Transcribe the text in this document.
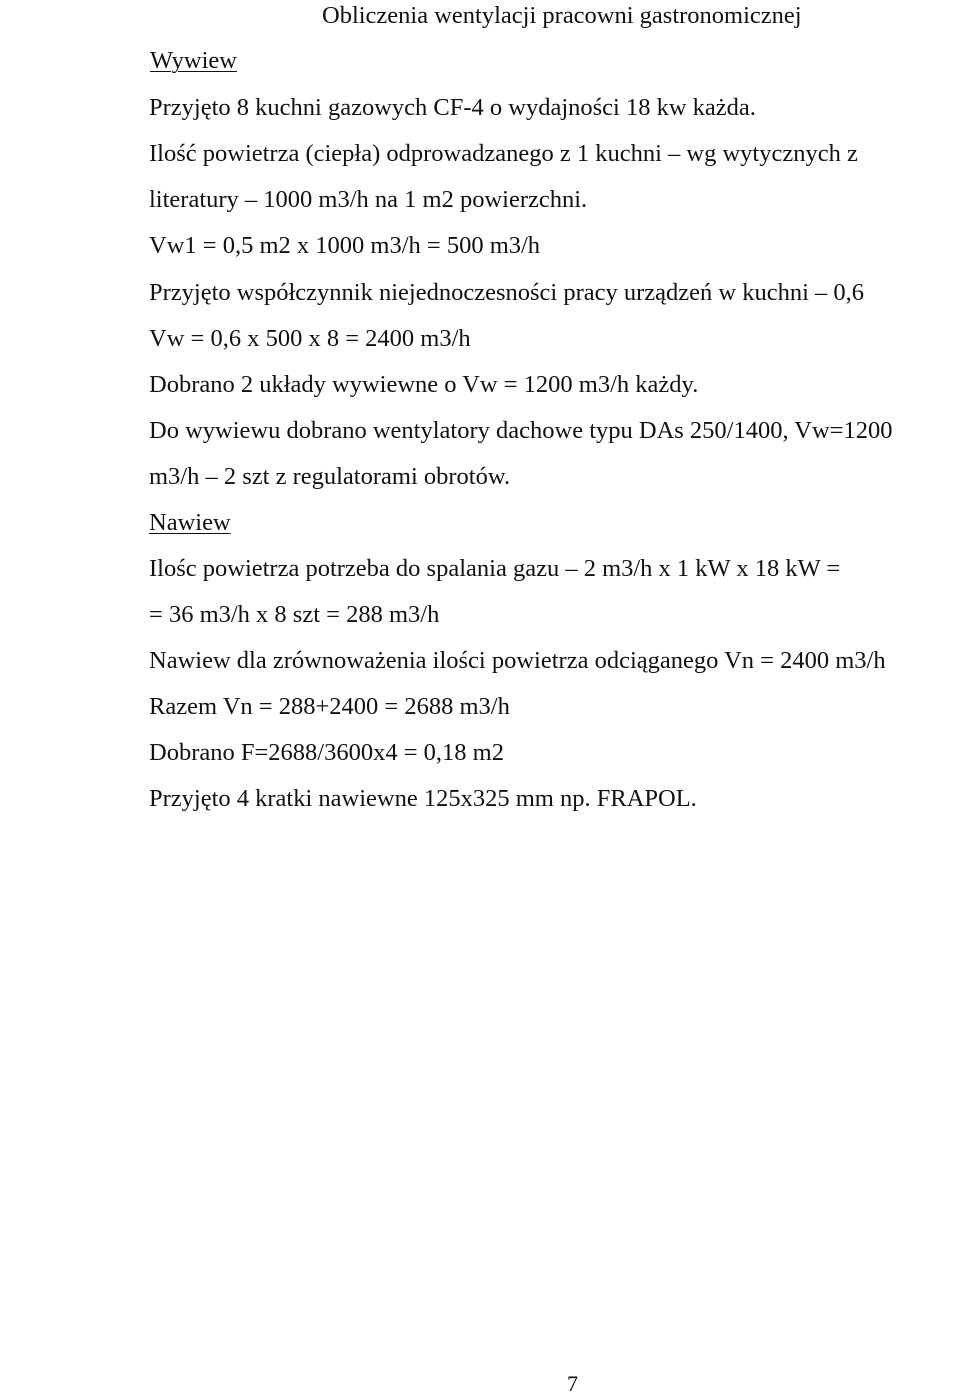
Obliczenia wentylacji pracowni gastronomicznej
Wywiew
Przyjęto 8 kuchni gazowych CF-4 o wydajności 18 kw każda.
Ilość powietrza (ciepła) odprowadzanego z 1 kuchni – wg wytycznych z
literatury – 1000 m3/h na 1 m2 powierzchni.
Vw1 = 0,5 m2 x 1000 m3/h = 500 m3/h
Przyjęto współczynnik niejednoczesności pracy urządzeń w kuchni – 0,6
Vw = 0,6 x 500 x 8 = 2400 m3/h
Dobrano 2 układy wywiewne o Vw = 1200 m3/h każdy.
Do wywiewu dobrano wentylatory dachowe typu DAs 250/1400, Vw=1200
m3/h – 2 szt z regulatorami obrotów.
Nawiew
Ilośc powietrza potrzeba do spalania gazu – 2 m3/h x 1 kW x 18 kW =
= 36 m3/h x 8 szt = 288 m3/h
Nawiew dla zrównoważenia ilości powietrza odciąganego Vn = 2400 m3/h
Razem Vn = 288+2400 = 2688 m3/h
Dobrano F=2688/3600x4 = 0,18 m2
Przyjęto 4 kratki nawiewne 125x325 mm np. FRAPOL.
7
